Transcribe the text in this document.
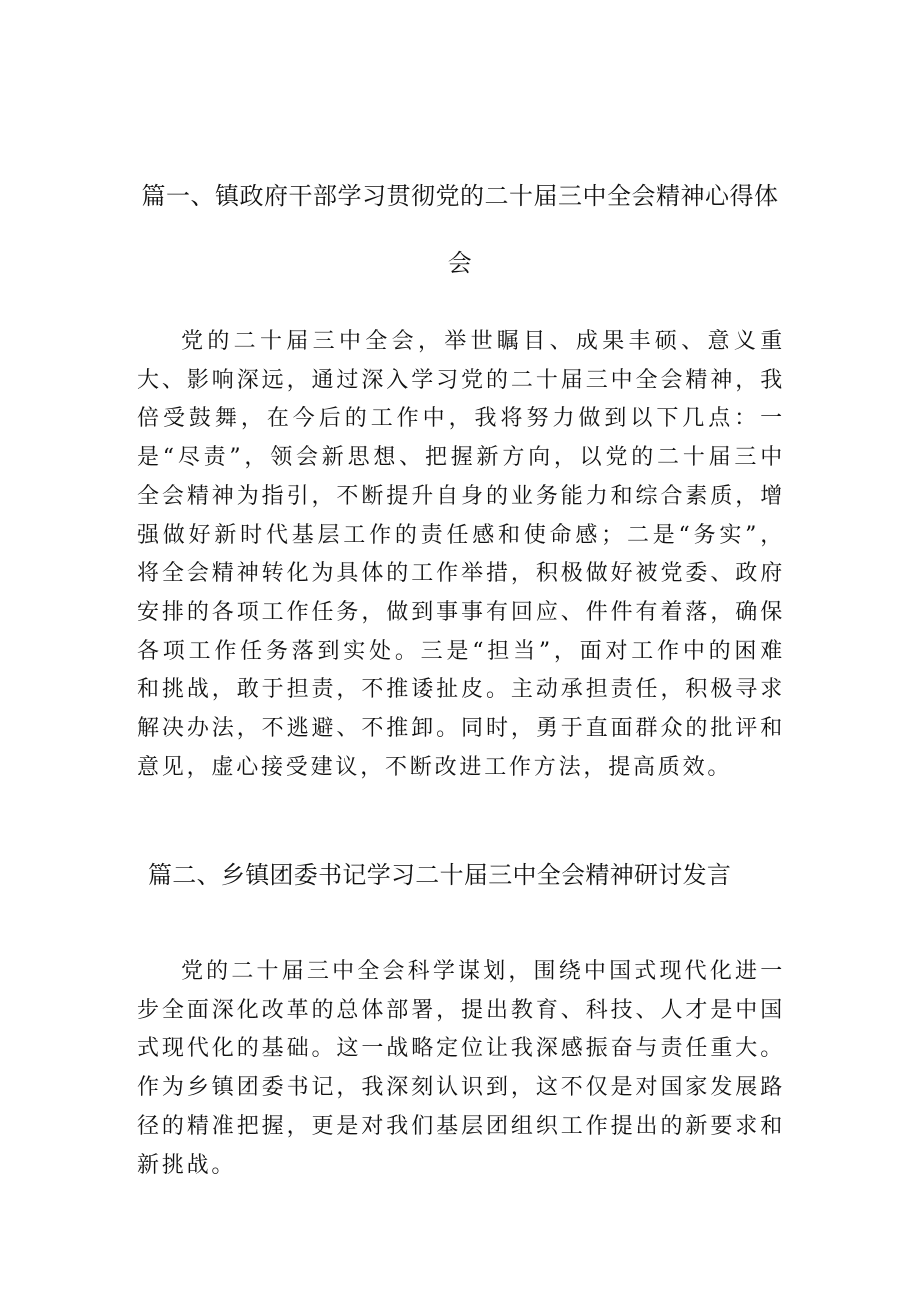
篇一、镇政府干部学习贯彻党的二十届三中全会精神心得体会

党的二十届三中全会，举世瞩目、成果丰硕、意义重大、影响深远，通过深入学习党的二十届三中全会精神，我倍受鼓舞，在今后的工作中，我将努力做到以下几点：一是“尽责”，领会新思想、把握新方向，以党的二十届三中全会精神为指引，不断提升自身的业务能力和综合素质，增强做好新时代基层工作的责任感和使命感；二是“务实”，将全会精神转化为具体的工作举措，积极做好被党委、政府安排的各项工作任务，做到事事有回应、件件有着落，确保各项工作任务落到实处。三是“担当”，面对工作中的困难和挑战，敢于担责，不推诿扯皮。主动承担责任，积极寻求解决办法，不逃避、不推卸。同时，勇于直面群众的批评和意见，虚心接受建议，不断改进工作方法，提高质效。

篇二、乡镇团委书记学习二十届三中全会精神研讨发言

党的二十届三中全会科学谋划，围绕中国式现代化进一步全面深化改革的总体部署，提出教育、科技、人才是中国式现代化的基础。这一战略定位让我深感振奋与责任重大。作为乡镇团委书记，我深刻认识到，这不仅是对国家发展路径的精准把握，更是对我们基层团组织工作提出的新要求和新挑战。
